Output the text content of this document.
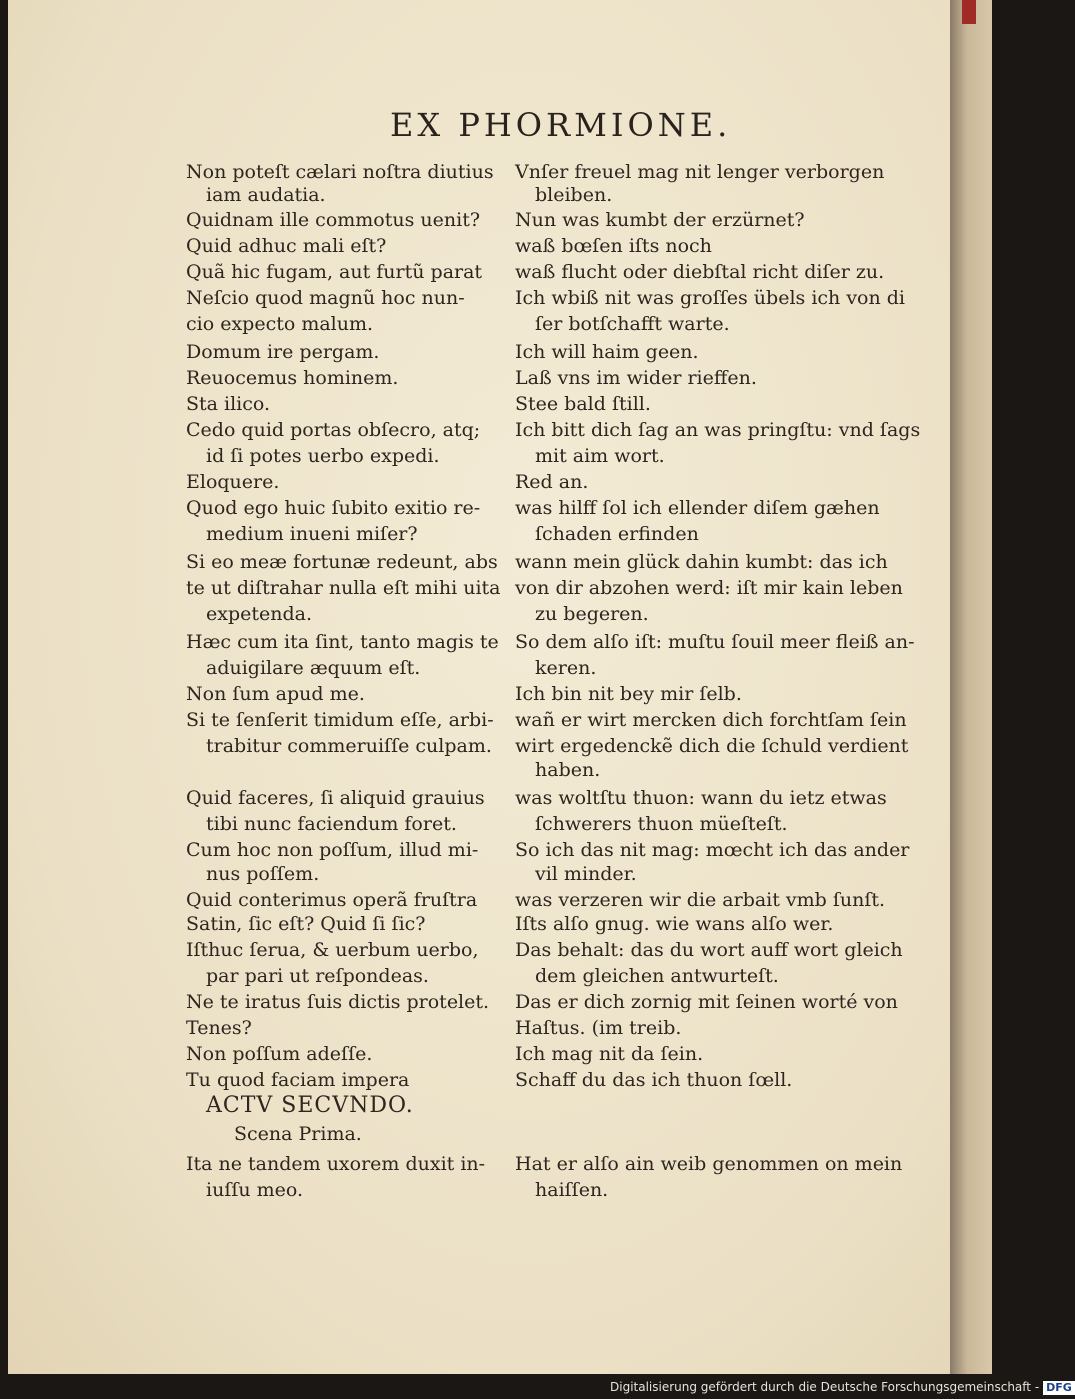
EX PHORMIONE.
Non poteſt cælari noſtra diutius
iam audatia.
Quidnam ille commotus uenit?
Quid adhuc mali eſt?
Quã hic fugam, aut furtũ parat
Neſcio quod magnũ hoc nun-
cio expecto malum.
Domum ire pergam.
Reuocemus hominem.
Sta ilico.
Cedo quid portas obſecro, atq;
id ſi potes uerbo expedi.
Eloquere.
Quod ego huic ſubito exitio re-
medium inueni miſer?
Si eo meæ fortunæ redeunt, abs
te ut diſtrahar nulla eſt mihi uita
expetenda.
Hæc cum ita ſint, tanto magis te
aduigilare æquum eſt.
Non ſum apud me.
Si te ſenſerit timidum eſſe, arbi-
trabitur commeruiſſe culpam.
Quid faceres, ſi aliquid grauius
tibi nunc faciendum foret.
Cum hoc non poſſum, illud mi-
nus poſſem.
Quid conterimus operã fruſtra
Satin, ſic eſt? Quid ſi ſic?
Iſthuc ſerua, & uerbum uerbo,
par pari ut reſpondeas.
Ne te iratus ſuis dictis protelet.
Tenes?
Non poſſum adeſſe.
Tu quod faciam impera
ACTV SECVNDO.
Scena Prima.
Ita ne tandem uxorem duxit in-
iuſſu meo.
Vnſer freuel mag nit lenger verborgen
bleiben.
Nun was kumbt der erzürnet?
waß bœſen iſts noch
waß flucht oder diebſtal richt diſer zu.
Ich wbiß nit was groſſes übels ich von di
ſer botſchafft warte.
Ich will haim geen.
Laß vns im wider rieffen.
Stee bald ſtill.
Ich bitt dich ſag an was pringſtu: vnd ſags
mit aim wort.
Red an.
was hilff ſol ich ellender diſem gæhen
ſchaden erfinden
wann mein glück dahin kumbt: das ich
von dir abzohen werd: iſt mir kain leben
zu begeren.
So dem alſo iſt: muſtu ſouil meer fleiß an-
keren.
Ich bin nit bey mir ſelb.
wañ er wirt mercken dich forchtſam ſein
wirt ergedenckẽ dich die ſchuld verdient
haben.
was woltſtu thuon: wann du ietz etwas
ſchwerers thuon müeſteſt.
So ich das nit mag: mœcht ich das ander
vil minder.
was verzeren wir die arbait vmb ſunſt.
Iſts alſo gnug. wie wans alſo wer.
Das behalt: das du wort auff wort gleich
dem gleichen antwurteſt.
Das er dich zornig mit ſeinen worté von
Haſtus. (im treib.
Ich mag nit da ſein.
Schaff du das ich thuon ſœll.
Hat er alſo ain weib genommen on mein
haiſſen.
Digitalisierung gefördert durch die Deutsche Forschungsgemeinschaft - DFG
